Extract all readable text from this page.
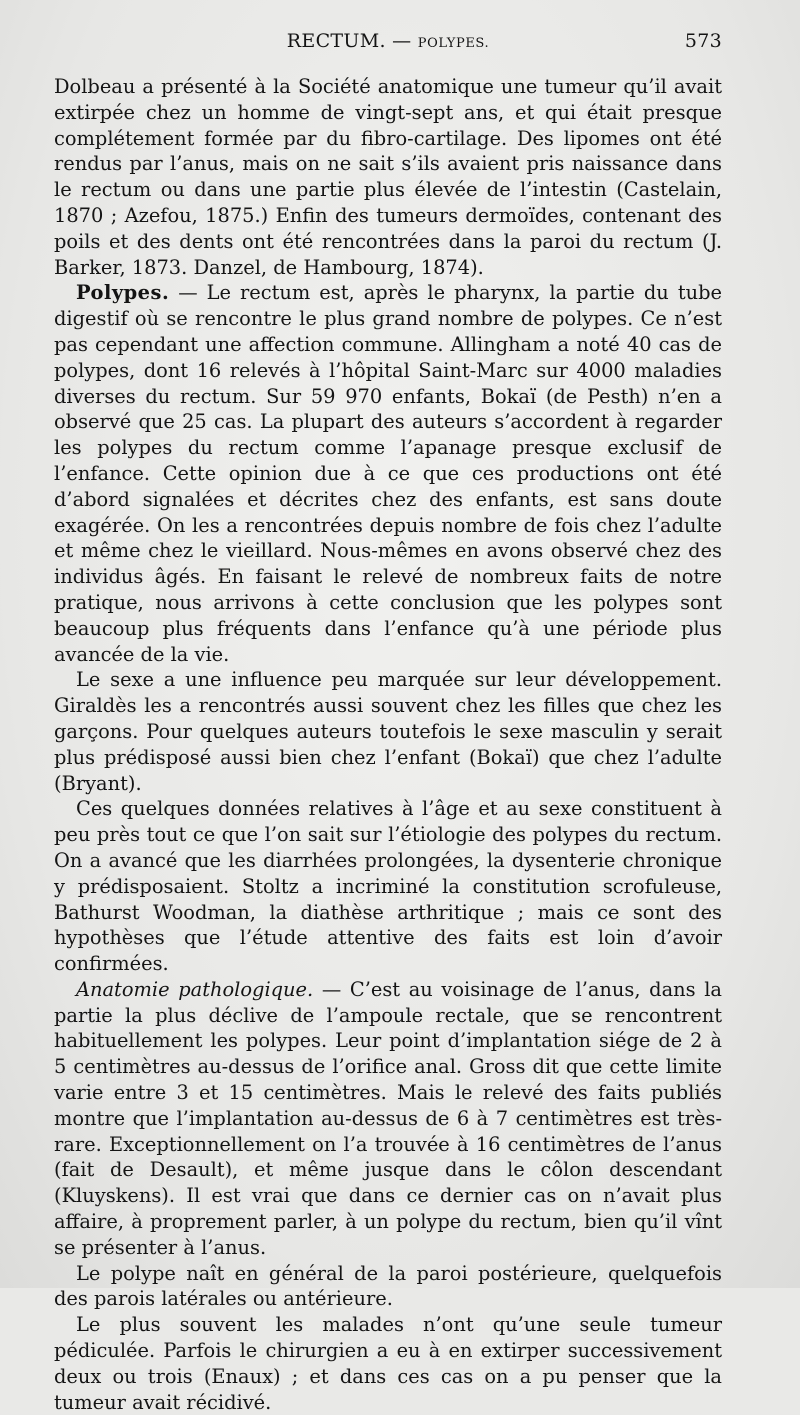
RECTUM. — POLYPES.	573

Dolbeau a présenté à la Société anatomique une tumeur qu’il avait extirpée chez un homme de vingt-sept ans, et qui était presque complétement formée par du fibro-cartilage. Des lipomes ont été rendus par l’anus, mais on ne sait s’ils avaient pris naissance dans le rectum ou dans une partie plus élevée de l’intestin (Castelain, 1870 ; Azefou, 1875.) Enfin des tumeurs dermoïdes, contenant des poils et des dents ont été rencontrées dans la paroi du rectum (J. Barker, 1873. Danzel, de Hambourg, 1874).

Polypes. — Le rectum est, après le pharynx, la partie du tube digestif où se rencontre le plus grand nombre de polypes. Ce n’est pas cependant une affection commune. Allingham a noté 40 cas de polypes, dont 16 relevés à l’hôpital Saint-Marc sur 4000 maladies diverses du rectum. Sur 59 970 enfants, Bokaï (de Pesth) n’en a observé que 25 cas. La plupart des auteurs s’accordent à regarder les polypes du rectum comme l’apanage presque exclusif de l’enfance. Cette opinion due à ce que ces productions ont été d’abord signalées et décrites chez des enfants, est sans doute exagérée. On les a rencontrées depuis nombre de fois chez l’adulte et même chez le vieillard. Nous-mêmes en avons observé chez des individus âgés. En faisant le relevé de nombreux faits de notre pratique, nous arrivons à cette conclusion que les polypes sont beaucoup plus fréquents dans l’enfance qu’à une période plus avancée de la vie.

Le sexe a une influence peu marquée sur leur développement. Giraldès les a rencontrés aussi souvent chez les filles que chez les garçons. Pour quelques auteurs toutefois le sexe masculin y serait plus prédisposé aussi bien chez l’enfant (Bokaï) que chez l’adulte (Bryant).

Ces quelques données relatives à l’âge et au sexe constituent à peu près tout ce que l’on sait sur l’étiologie des polypes du rectum. On a avancé que les diarrhées prolongées, la dysenterie chronique y prédisposaient. Stoltz a incriminé la constitution scrofuleuse, Bathurst Woodman, la diathèse arthritique ; mais ce sont des hypothèses que l’étude attentive des faits est loin d’avoir confirmées.

Anatomie pathologique. — C’est au voisinage de l’anus, dans la partie la plus déclive de l’ampoule rectale, que se rencontrent habituellement les polypes. Leur point d’implantation siége de 2 à 5 centimètres au-dessus de l’orifice anal. Gross dit que cette limite varie entre 3 et 15 centimètres. Mais le relevé des faits publiés montre que l’implantation au-dessus de 6 à 7 centimètres est très-rare. Exceptionnellement on l’a trouvée à 16 centimètres de l’anus (fait de Desault), et même jusque dans le côlon descendant (Kluyskens). Il est vrai que dans ce dernier cas on n’avait plus affaire, à proprement parler, à un polype du rectum, bien qu’il vînt se présenter à l’anus.

Le polype naît en général de la paroi postérieure, quelquefois des parois latérales ou antérieure.

Le plus souvent les malades n’ont qu’une seule tumeur pédiculée. Parfois le chirurgien a eu à en extirper successivement deux ou trois (Enaux) ; et dans ces cas on a pu penser que la tumeur avait récidivé.
